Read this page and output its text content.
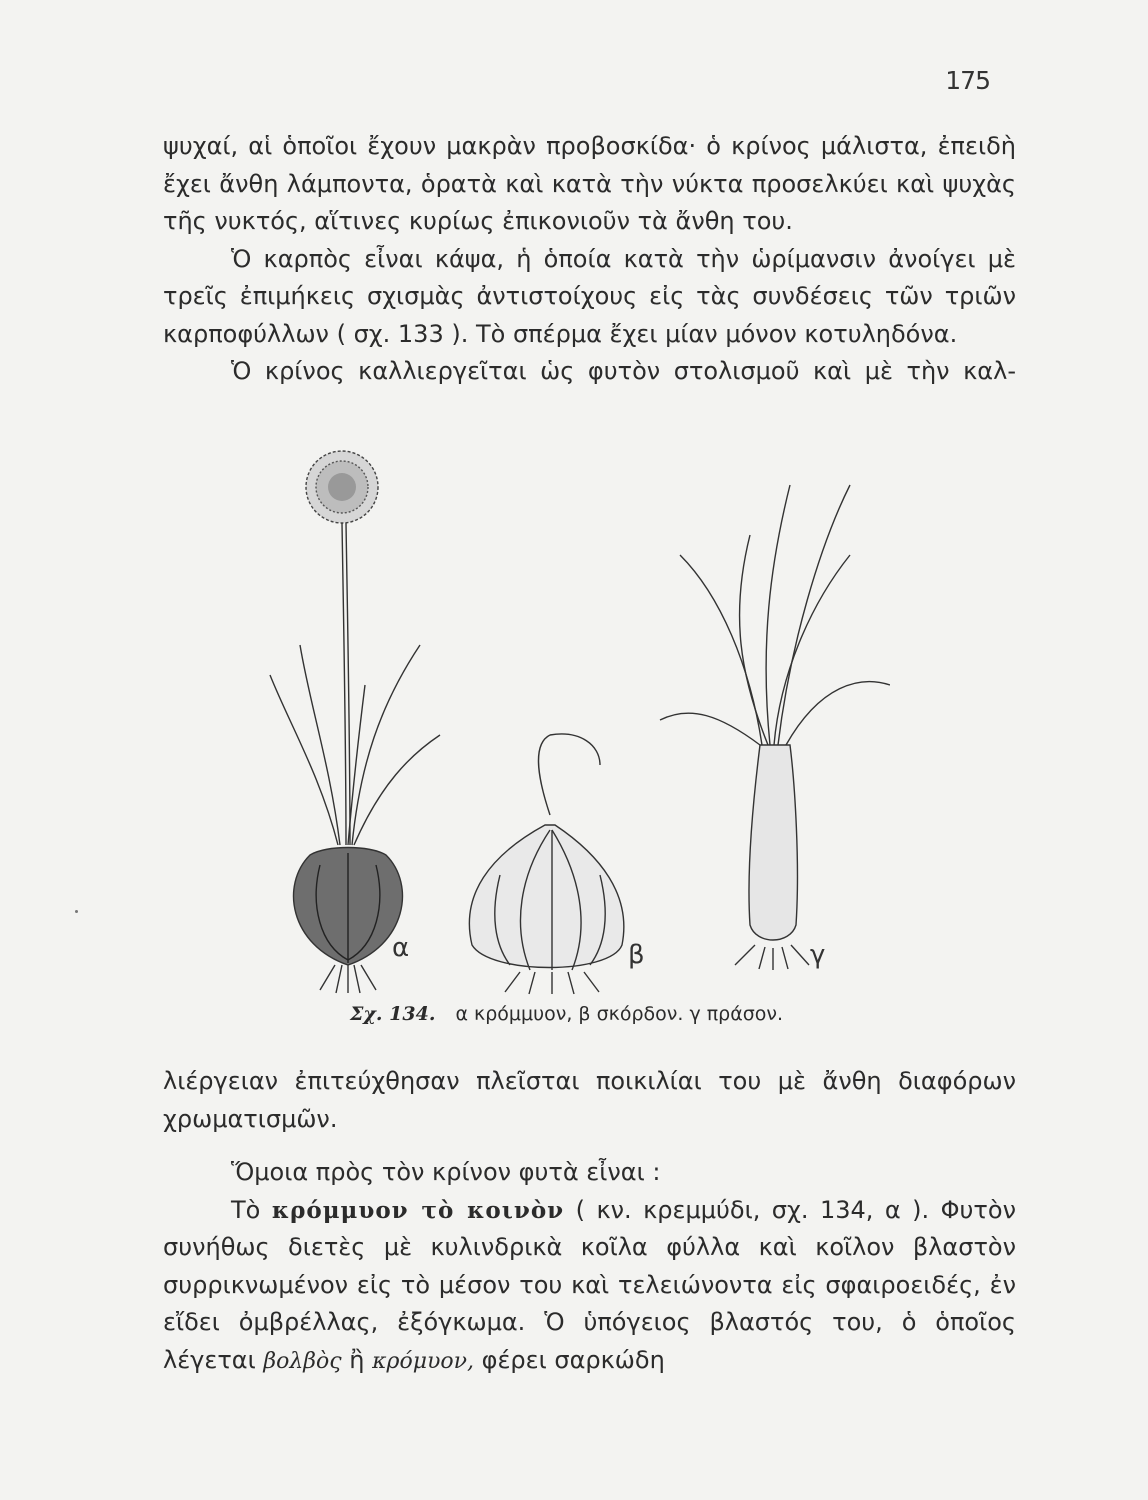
175

ψυχαί, αἱ ὁποῖοι ἔχουν μακρὰν προβοσκίδα· ὁ κρίνος μάλιστα, ἐπειδὴ ἔχει ἄνθη λάμποντα, ὁρατὰ καὶ κατὰ τὴν νύκτα προσελκύει καὶ ψυχὰς τῆς νυκτός, αἵτινες κυρίως ἐπικονιοῦν τὰ ἄνθη του.

Ὁ καρπὸς εἶναι κάψα, ἡ ὁποία κατὰ τὴν ὡρίμανσιν ἀνοίγει μὲ τρεῖς ἐπιμήκεις σχισμὰς ἀντιστοίχους εἰς τὰς συνδέσεις τῶν τριῶν καρποφύλλων ( σχ. 133 ). Τὸ σπέρμα ἔχει μίαν μόνον κοτυληδόνα.

Ὁ κρίνος καλλιεργεῖται ὡς φυτὸν στολισμοῦ καὶ μὲ τὴν καλ-

α	β	γ
Σχ. 134. α κρόμμυον, β σκόρδον. γ πράσον.

λιέργειαν ἐπιτεύχθησαν πλεῖσται ποικιλίαι του μὲ ἄνθη διαφόρων χρωματισμῶν.

Ὅμοια πρὸς τὸν κρίνον φυτὰ εἶναι :

Τὸ κρόμμυον τὸ κοινὸν ( κν. κρεμμύδι, σχ. 134, α ). Φυτὸν συνήθως διετὲς μὲ κυλινδρικὰ κοῖλα φύλλα καὶ κοῖλον βλαστὸν συρρικνωμένον εἰς τὸ μέσον του καὶ τελειώνοντα εἰς σφαιροειδές, ἐν εἴδει ὀμβρέλλας, ἐξόγκωμα. Ὁ ὑπόγειος βλαστός του, ὁ ὁποῖος λέγεται βολβὸς ἢ κρόμυον, φέρει σαρκώδη
